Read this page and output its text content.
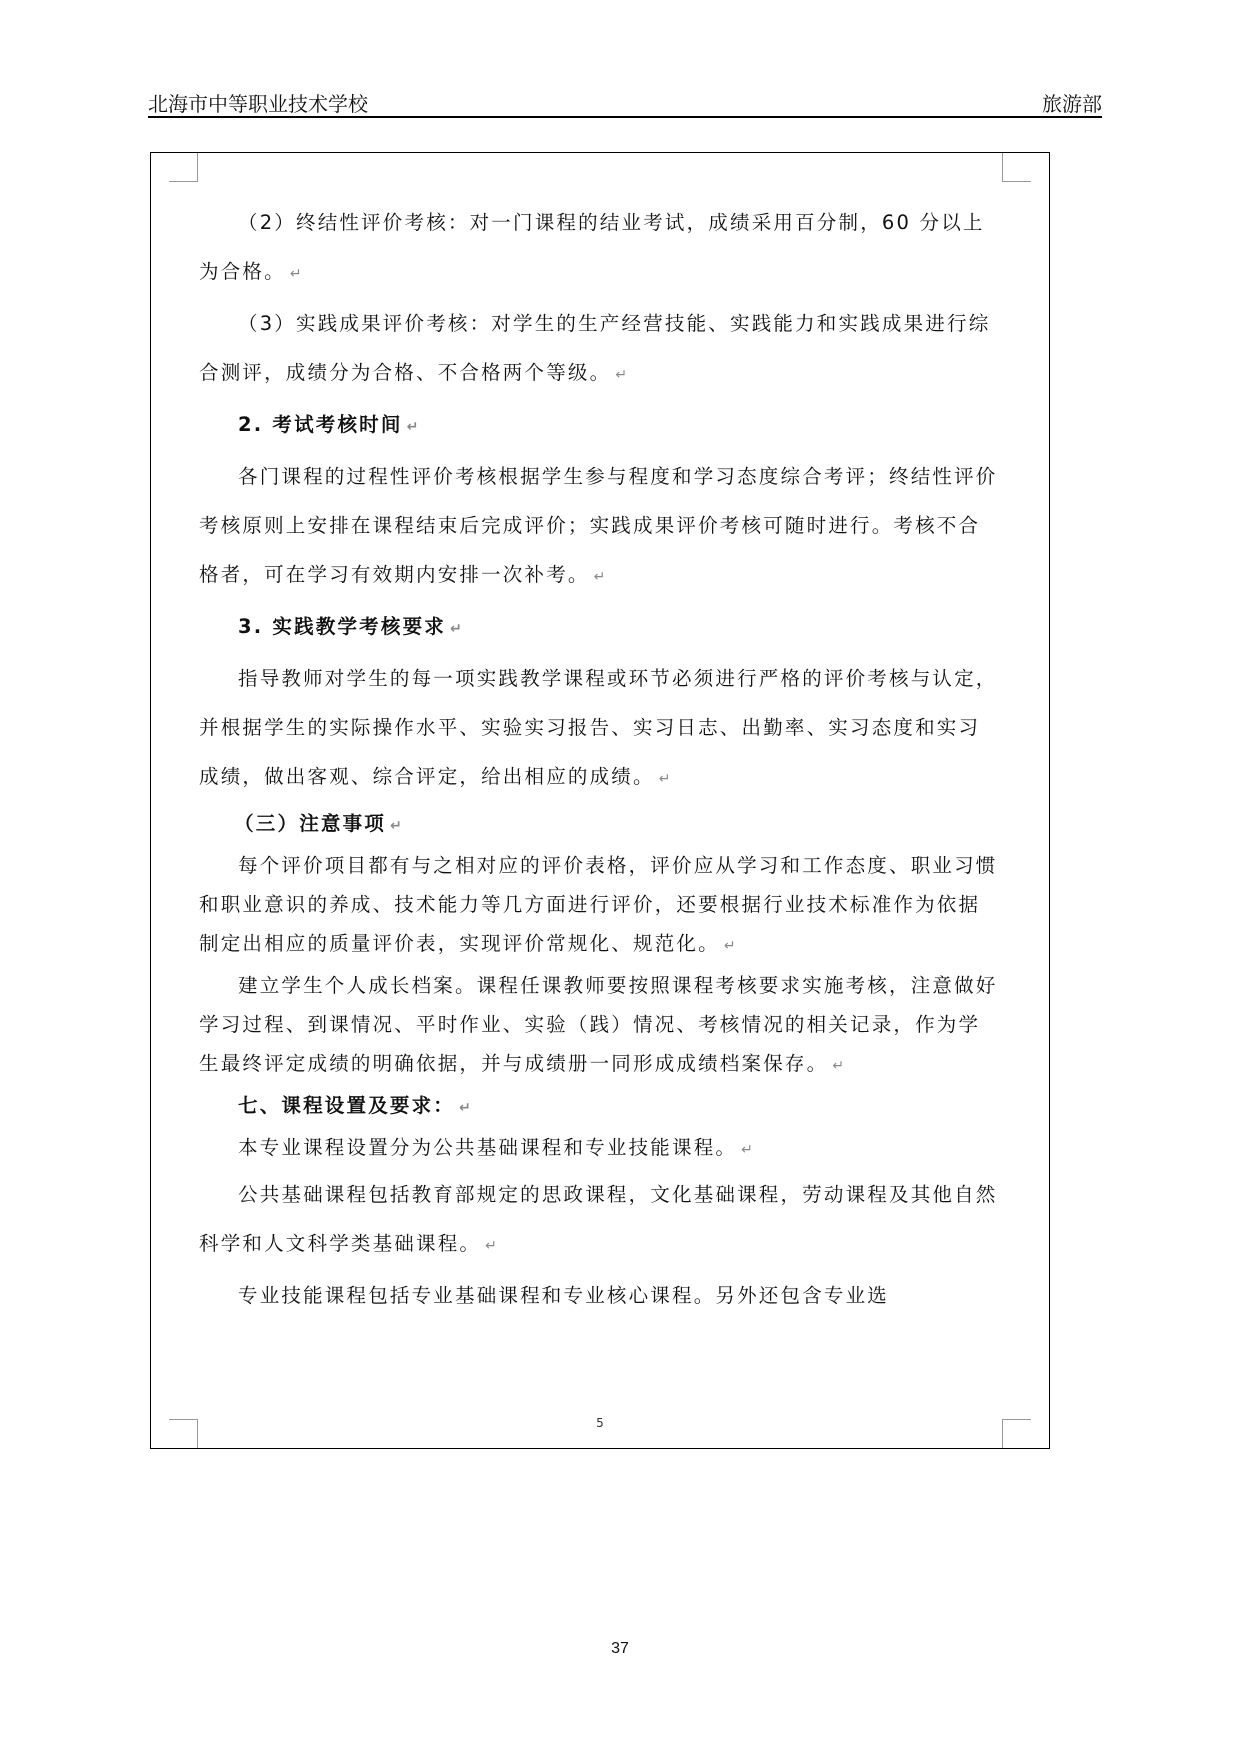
北海市中等职业技术学校	旅游部

（2）终结性评价考核：对一门课程的结业考试，成绩采用百分制，60 分以上为合格。 ↵

（3）实践成果评价考核：对学生的生产经营技能、实践能力和实践成果进行综合测评，成绩分为合格、不合格两个等级。 ↵

2. 考试考核时间 ↵

各门课程的过程性评价考核根据学生参与程度和学习态度综合考评；终结性评价考核原则上安排在课程结束后完成评价；实践成果评价考核可随时进行。考核不合格者，可在学习有效期内安排一次补考。 ↵

3. 实践教学考核要求 ↵

指导教师对学生的每一项实践教学课程或环节必须进行严格的评价考核与认定，并根据学生的实际操作水平、实验实习报告、实习日志、出勤率、实习态度和实习成绩，做出客观、综合评定，给出相应的成绩。 ↵

（三）注意事项 ↵

每个评价项目都有与之相对应的评价表格，评价应从学习和工作态度、职业习惯和职业意识的养成、技术能力等几方面进行评价，还要根据行业技术标准作为依据制定出相应的质量评价表，实现评价常规化、规范化。 ↵

建立学生个人成长档案。课程任课教师要按照课程考核要求实施考核，注意做好学习过程、到课情况、平时作业、实验（践）情况、考核情况的相关记录，作为学生最终评定成绩的明确依据，并与成绩册一同形成成绩档案保存。 ↵

七、课程设置及要求： ↵

本专业课程设置分为公共基础课程和专业技能课程。 ↵

公共基础课程包括教育部规定的思政课程，文化基础课程，劳动课程及其他自然科学和人文科学类基础课程。 ↵

专业技能课程包括专业基础课程和专业核心课程。另外还包含专业选

5
37
